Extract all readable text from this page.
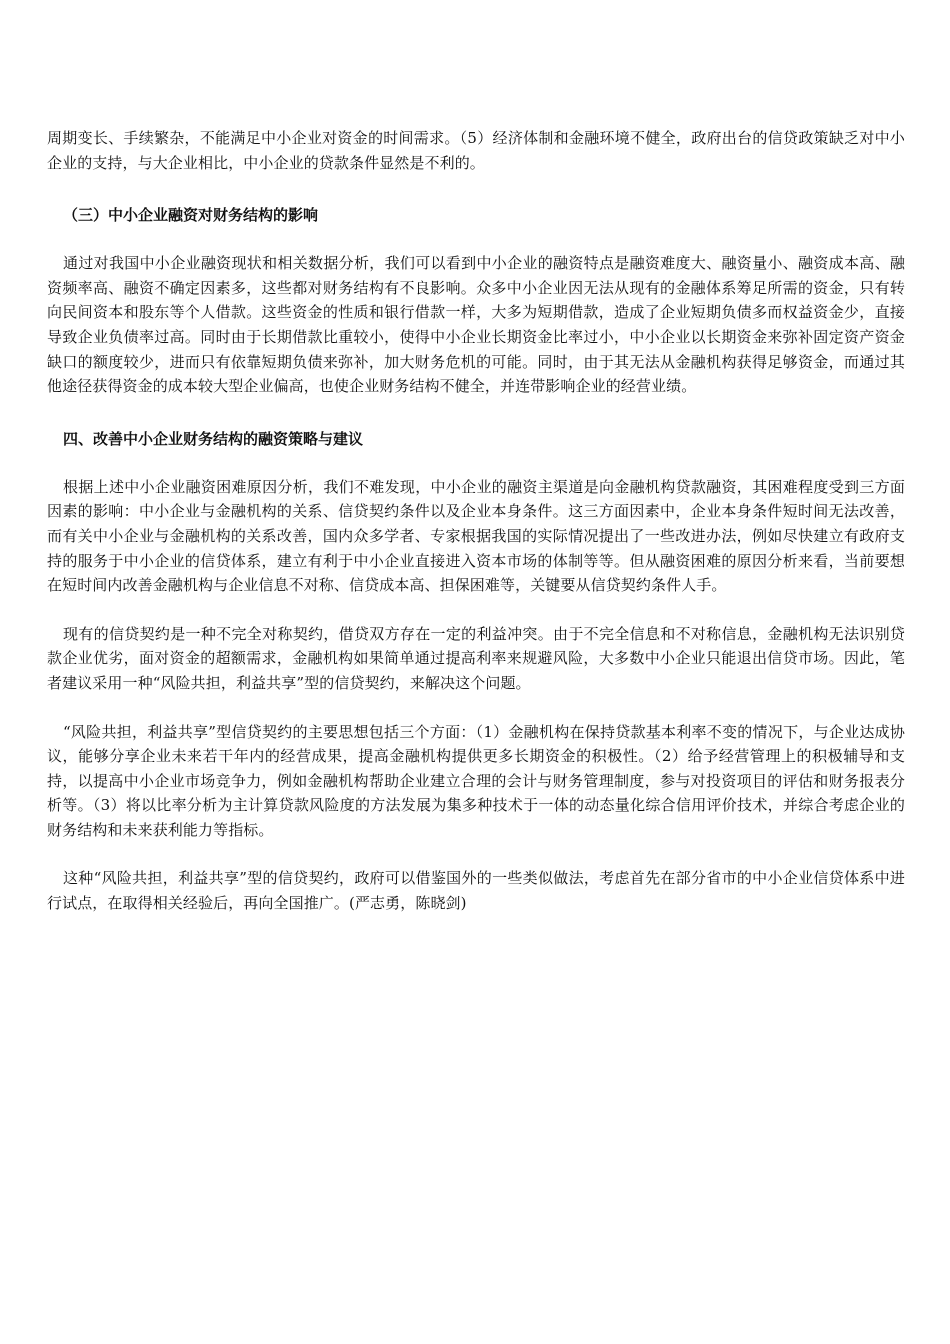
周期变长、手续繁杂，不能满足中小企业对资金的时间需求。（5）经济体制和金融环境不健全，政府出台的信贷政策缺乏对中小企业的支持，与大企业相比，中小企业的贷款条件显然是不利的。

（三）中小企业融资对财务结构的影响

通过对我国中小企业融资现状和相关数据分析，我们可以看到中小企业的融资特点是融资难度大、融资量小、融资成本高、融资频率高、融资不确定因素多，这些都对财务结构有不良影响。众多中小企业因无法从现有的金融体系筹足所需的资金，只有转向民间资本和股东等个人借款。这些资金的性质和银行借款一样，大多为短期借款，造成了企业短期负债多而权益资金少，直接导致企业负债率过高。同时由于长期借款比重较小，使得中小企业长期资金比率过小，中小企业以长期资金来弥补固定资产资金缺口的额度较少，进而只有依靠短期负债来弥补，加大财务危机的可能。同时，由于其无法从金融机构获得足够资金，而通过其他途径获得资金的成本较大型企业偏高，也使企业财务结构不健全，并连带影响企业的经营业绩。

四、改善中小企业财务结构的融资策略与建议

根据上述中小企业融资困难原因分析，我们不难发现，中小企业的融资主渠道是向金融机构贷款融资，其困难程度受到三方面因素的影响：中小企业与金融机构的关系、信贷契约条件以及企业本身条件。这三方面因素中，企业本身条件短时间无法改善，而有关中小企业与金融机构的关系改善，国内众多学者、专家根据我国的实际情况提出了一些改进办法，例如尽快建立有政府支持的服务于中小企业的信贷体系，建立有利于中小企业直接进入资本市场的体制等等。但从融资困难的原因分析来看，当前要想在短时间内改善金融机构与企业信息不对称、信贷成本高、担保困难等，关键要从信贷契约条件人手。

现有的信贷契约是一种不完全对称契约，借贷双方存在一定的利益冲突。由于不完全信息和不对称信息，金融机构无法识别贷款企业优劣，面对资金的超额需求，金融机构如果简单通过提高利率来规避风险，大多数中小企业只能退出信贷市场。因此，笔者建议采用一种“风险共担，利益共享”型的信贷契约，来解决这个问题。

“风险共担，利益共享”型信贷契约的主要思想包括三个方面：（1）金融机构在保持贷款基本利率不变的情况下，与企业达成协议，能够分享企业未来若干年内的经营成果，提高金融机构提供更多长期资金的积极性。（2）给予经营管理上的积极辅导和支持，以提高中小企业市场竞争力，例如金融机构帮助企业建立合理的会计与财务管理制度，参与对投资项目的评估和财务报表分析等。（3）将以比率分析为主计算贷款风险度的方法发展为集多种技术于一体的动态量化综合信用评价技术，并综合考虑企业的财务结构和未来获利能力等指标。

这种“风险共担，利益共享”型的信贷契约，政府可以借鉴国外的一些类似做法，考虑首先在部分省市的中小企业信贷体系中进行试点，在取得相关经验后，再向全国推广。(严志勇，陈晓剑)
